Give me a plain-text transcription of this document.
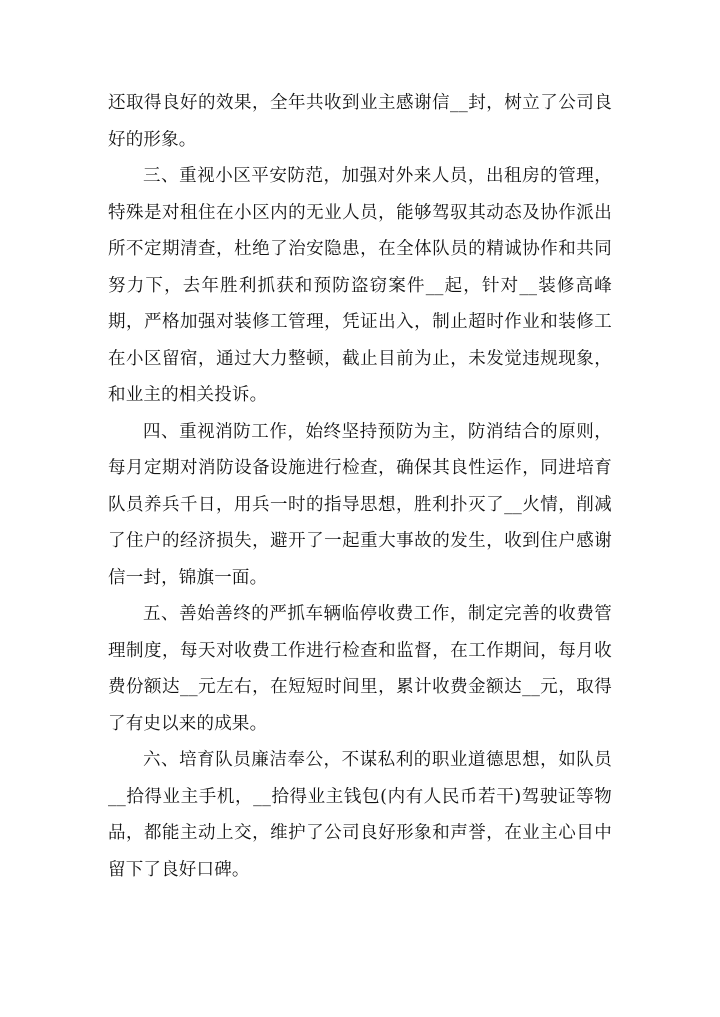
还取得良好的效果，全年共收到业主感谢信__封，树立了公司良好的形象。

三、重视小区平安防范，加强对外来人员，出租房的管理，特殊是对租住在小区内的无业人员，能够驾驭其动态及协作派出所不定期清查，杜绝了治安隐患，在全体队员的精诚协作和共同努力下，去年胜利抓获和预防盗窃案件__起，针对__装修高峰期，严格加强对装修工管理，凭证出入，制止超时作业和装修工在小区留宿，通过大力整顿，截止目前为止，未发觉违规现象，和业主的相关投诉。

四、重视消防工作，始终坚持预防为主，防消结合的原则，每月定期对消防设备设施进行检查，确保其良性运作，同进培育队员养兵千日，用兵一时的指导思想，胜利扑灭了__火情，削减了住户的经济损失，避开了一起重大事故的发生，收到住户感谢信一封，锦旗一面。

五、善始善终的严抓车辆临停收费工作，制定完善的收费管理制度，每天对收费工作进行检查和监督，在工作期间，每月收费份额达__元左右，在短短时间里，累计收费金额达__元，取得了有史以来的成果。

六、培育队员廉洁奉公，不谋私利的职业道德思想，如队员__拾得业主手机，__拾得业主钱包(内有人民币若干)驾驶证等物品，都能主动上交，维护了公司良好形象和声誉，在业主心目中留下了良好口碑。
